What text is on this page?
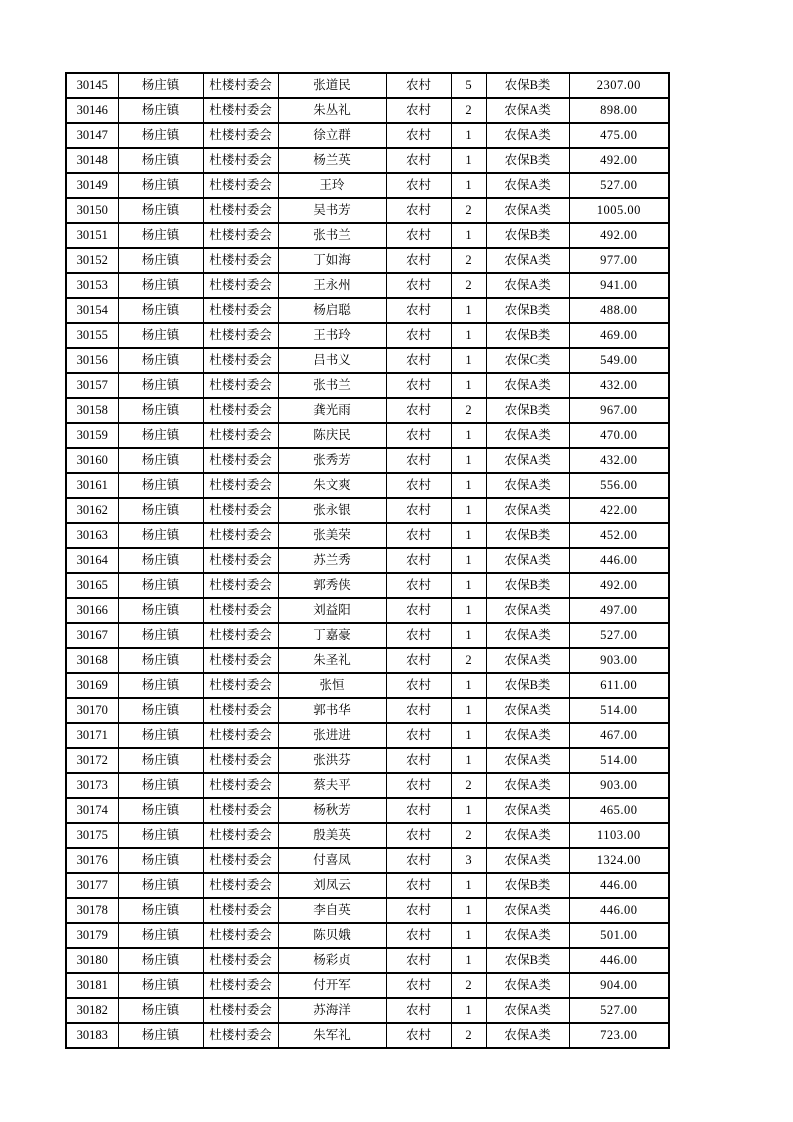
30145	杨庄镇	杜楼村委会	张道民	农村	5	农保B类	2307.00
30146	杨庄镇	杜楼村委会	朱丛礼	农村	2	农保A类	898.00
30147	杨庄镇	杜楼村委会	徐立群	农村	1	农保A类	475.00
30148	杨庄镇	杜楼村委会	杨兰英	农村	1	农保B类	492.00
30149	杨庄镇	杜楼村委会	王玲	农村	1	农保A类	527.00
30150	杨庄镇	杜楼村委会	吴书芳	农村	2	农保A类	1005.00
30151	杨庄镇	杜楼村委会	张书兰	农村	1	农保B类	492.00
30152	杨庄镇	杜楼村委会	丁如海	农村	2	农保A类	977.00
30153	杨庄镇	杜楼村委会	王永州	农村	2	农保A类	941.00
30154	杨庄镇	杜楼村委会	杨启聪	农村	1	农保B类	488.00
30155	杨庄镇	杜楼村委会	王书玲	农村	1	农保B类	469.00
30156	杨庄镇	杜楼村委会	吕书义	农村	1	农保C类	549.00
30157	杨庄镇	杜楼村委会	张书兰	农村	1	农保A类	432.00
30158	杨庄镇	杜楼村委会	龚光雨	农村	2	农保B类	967.00
30159	杨庄镇	杜楼村委会	陈庆民	农村	1	农保A类	470.00
30160	杨庄镇	杜楼村委会	张秀芳	农村	1	农保A类	432.00
30161	杨庄镇	杜楼村委会	朱文爽	农村	1	农保A类	556.00
30162	杨庄镇	杜楼村委会	张永银	农村	1	农保A类	422.00
30163	杨庄镇	杜楼村委会	张美荣	农村	1	农保B类	452.00
30164	杨庄镇	杜楼村委会	苏兰秀	农村	1	农保A类	446.00
30165	杨庄镇	杜楼村委会	郭秀侠	农村	1	农保B类	492.00
30166	杨庄镇	杜楼村委会	刘益阳	农村	1	农保A类	497.00
30167	杨庄镇	杜楼村委会	丁嘉豪	农村	1	农保A类	527.00
30168	杨庄镇	杜楼村委会	朱圣礼	农村	2	农保A类	903.00
30169	杨庄镇	杜楼村委会	张恒	农村	1	农保B类	611.00
30170	杨庄镇	杜楼村委会	郭书华	农村	1	农保A类	514.00
30171	杨庄镇	杜楼村委会	张进进	农村	1	农保A类	467.00
30172	杨庄镇	杜楼村委会	张洪芬	农村	1	农保A类	514.00
30173	杨庄镇	杜楼村委会	蔡夫平	农村	2	农保A类	903.00
30174	杨庄镇	杜楼村委会	杨秋芳	农村	1	农保A类	465.00
30175	杨庄镇	杜楼村委会	殷美英	农村	2	农保A类	1103.00
30176	杨庄镇	杜楼村委会	付喜凤	农村	3	农保A类	1324.00
30177	杨庄镇	杜楼村委会	刘凤云	农村	1	农保B类	446.00
30178	杨庄镇	杜楼村委会	李自英	农村	1	农保A类	446.00
30179	杨庄镇	杜楼村委会	陈贝娥	农村	1	农保A类	501.00
30180	杨庄镇	杜楼村委会	杨彩贞	农村	1	农保B类	446.00
30181	杨庄镇	杜楼村委会	付开军	农村	2	农保A类	904.00
30182	杨庄镇	杜楼村委会	苏海洋	农村	1	农保A类	527.00
30183	杨庄镇	杜楼村委会	朱军礼	农村	2	农保A类	723.00
